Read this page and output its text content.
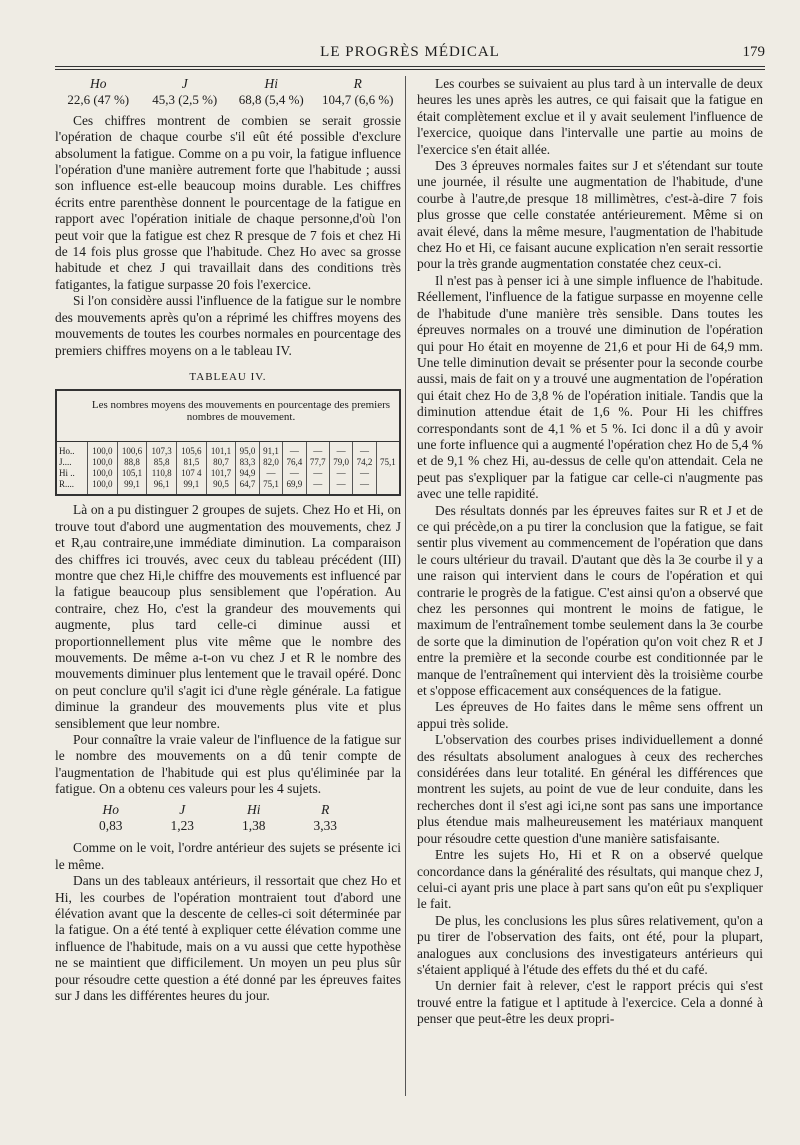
LE PROGRÈS MÉDICAL	179
Ho	J	Hi	R
22,6 (47 %)	45,3 (2,5 %)	68,8 (5,4 %)	104,7 (6,6 %)

Ces chiffres montrent de combien se serait grossie l'opération de chaque courbe s'il eût été possible d'exclure absolument la fatigue. Comme on a pu voir, la fatigue influence l'opération d'une manière autrement forte que l'habitude ; aussi son influence est-elle beaucoup moins durable. Les chiffres écrits entre parenthèse donnent le pourcentage de la fatigue en rapport avec l'opération initiale de chaque personne,d'où l'on peut voir que la fatigue est chez R presque de 7 fois et chez Hi de 14 fois plus grosse que l'habitude. Chez Ho avec sa grosse habitude et chez J qui travaillait dans des conditions très fatigantes, la fatigue surpasse 20 fois l'exercice.

Si l'on considère aussi l'influence de la fatigue sur le nombre des mouvements après qu'on a réprimé les chiffres moyens des mouvements de toutes les courbes normales en pourcentage des premiers chiffres moyens on a le tableau IV.

TABLEAU IV.
Les nombres moyens des mouvements en pourcentage des premiers nombres de mouvement.
Ho..	100,0	100,6	107,3	105,6	101,1	95,0	91,1	—	—	—	—	
J....	100,0	88,8	85,8	81,5	80,7	83,3	82,0	76,4	77,7	79,0	74,2	75,1
Hi ..	100,0	105,1	110,8	107 4	101,7	94,9	—	—	—	—	—	
R....	100,0	99,1	96,1	99,1	90,5	64,7	75,1	69,9	—	—	—	

Là on a pu distinguer 2 groupes de sujets. Chez Ho et Hi, on trouve tout d'abord une augmentation des mouvements, chez J et R,au contraire,une immédiate diminution. La comparaison des chiffres ici trouvés, avec ceux du tableau précédent (III) montre que chez Hi,le chiffre des mouvements est influencé par la fatigue beaucoup plus sensiblement que l'opération. Au contraire, chez Ho, c'est la grandeur des mouvements qui augmente, plus tard celle-ci diminue aussi et proportionnellement plus vite même que le nombre des mouvements. De même a-t-on vu chez J et R le nombre des mouvements diminuer plus lentement que le travail opéré. Donc on peut conclure qu'il s'agit ici d'une règle générale. La fatigue diminue la grandeur des mouvements plus vite et plus sensiblement que leur nombre.

Pour connaître la vraie valeur de l'influence de la fatigue sur le nombre des mouvements on a dû tenir compte de l'augmentation de l'habitude qui est plus qu'éliminée par la fatigue. On a obtenu ces valeurs pour les 4 sujets.

Ho	J	Hi	R
0,83	1,23	1,38	3,33

Comme on le voit, l'ordre antérieur des sujets se présente ici le même.

Dans un des tableaux antérieurs, il ressortait que chez Ho et Hi, les courbes de l'opération montraient tout d'abord une élévation avant que la descente de celles-ci soit déterminée par la fatigue. On a été tenté à expliquer cette élévation comme une influence de l'habitude, mais on a vu aussi que cette hypothèse ne se maintient que difficilement. Un moyen un peu plus sûr pour résoudre cette question a été donné par les épreuves faites sur J dans les différentes heures du jour.

Les courbes se suivaient au plus tard à un intervalle de deux heures les unes après les autres, ce qui faisait que la fatigue en était complètement exclue et il y avait seulement l'influence de l'exercice, quoique dans l'intervalle une partie au moins de l'exercice s'en était allée.

Des 3 épreuves normales faites sur J et s'étendant sur toute une journée, il résulte une augmentation de l'habitude, d'une courbe à l'autre,de presque 18 millimètres, c'est-à-dire 7 fois plus grosse que celle constatée antérieurement. Même si on avait élevé, dans la même mesure, l'augmentation de l'habitude chez Ho et Hi, ce faisant aucune explication n'en serait ressortie pour la très grande augmentation constatée chez ceux-ci.

Il n'est pas à penser ici à une simple influence de l'habitude. Réellement, l'influence de la fatigue surpasse en moyenne celle de l'habitude d'une manière très sensible. Dans toutes les épreuves normales on a trouvé une diminution de l'opération qui pour Ho était en moyenne de 21,6 et pour Hi de 64,9 mm. Une telle diminution devait se présenter pour la seconde courbe aussi, mais de fait on y a trouvé une augmentation de l'opération qui était chez Ho de 3,8 % de l'opération initiale. Tandis que la diminution attendue était de 1,6 %. Pour Hi les chiffres correspondants sont de 4,1 % et 5 %. Ici donc il a dû y avoir une forte influence qui a augmenté l'opération chez Ho de 5,4 % et de 9,1 % chez Hi, au-dessus de celle qu'on attendait. Cela ne peut pas s'expliquer par la fatigue car celle-ci n'augmente pas avec une telle rapidité.

Des résultats donnés par les épreuves faites sur R et J et de ce qui précède,on a pu tirer la conclusion que la fatigue, se fait sentir plus vivement au commencement de l'opération que dans le cours ultérieur du travail. D'autant que dès la 3e courbe il y a une raison qui intervient dans le cours de l'opération et qui contrarie le progrès de la fatigue. C'est ainsi qu'on a observé que chez les personnes qui montrent le moins de fatigue, le maximum de l'entraînement tombe seulement dans la 3e courbe de sorte que la diminution de l'opération qu'on voit chez R et J entre la première et la seconde courbe est conditionnée par le manque de l'entraînement qui intervient dès la troisième courbe et s'oppose efficacement aux conséquences de la fatigue.

Les épreuves de Ho faites dans le même sens offrent un appui très solide.

L'observation des courbes prises individuellement a donné des résultats absolument analogues à ceux des recherches considérées dans leur totalité. En général les différences que montrent les sujets, au point de vue de leur conduite, dans les recherches dont il s'est agi ici,ne sont pas sans une importance plus étendue mais malheureusement les matériaux manquent pour résoudre cette question d'une manière satisfaisante.

Entre les sujets Ho, Hi et R on a observé quelque concordance dans la généralité des résultats, qui manque chez J, celui-ci ayant pris une place à part sans qu'on eût pu s'expliquer le fait.

De plus, les conclusions les plus sûres relativement, qu'on a pu tirer de l'observation des faits, ont été, pour la plupart, analogues aux conclusions des investigateurs antérieurs qui s'étaient appliqué à l'étude des effets du thé et du café.

Un dernier fait à relever, c'est le rapport précis qui s'est trouvé entre la fatigue et l aptitude à l'exercice. Cela a donné à penser que peut-être les deux propri-
